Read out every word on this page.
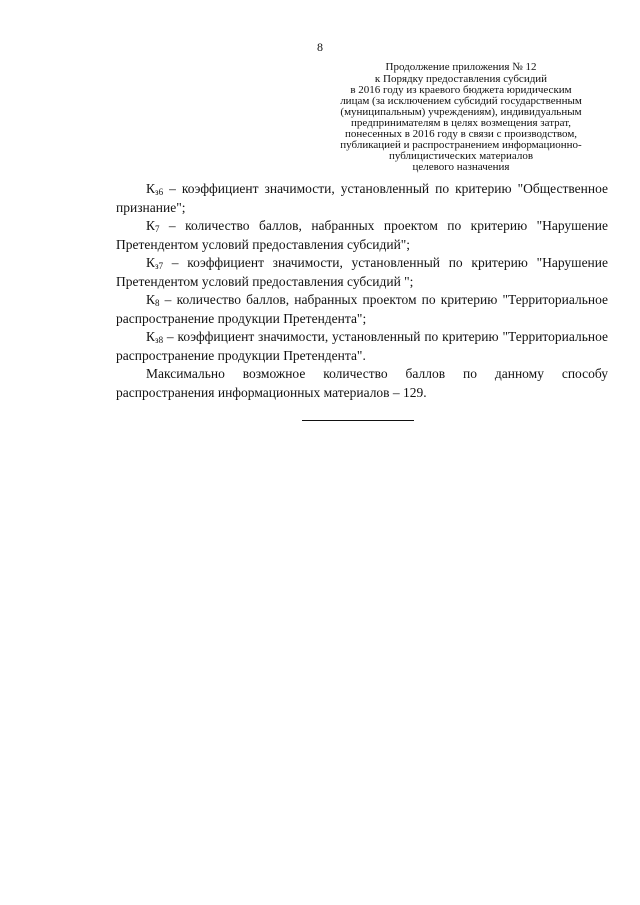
8
Продолжение приложения № 12
к Порядку предоставления субсидий
в 2016 году из краевого бюджета юридическим
лицам (за исключением субсидий государственным
(муниципальным) учреждениям), индивидуальным
предпринимателям в целях возмещения затрат,
понесенных в 2016 году в связи с производством,
публикацией и распространением информационно-
публицистических материалов
целевого назначения

$К_{з6}$ – коэффициент значимости, установленный по критерию "Общественное признание";

$К_7$ – количество баллов, набранных проектом по критерию "Нарушение Претендентом условий предоставления субсидий";

$К_{з7}$ – коэффициент значимости, установленный по критерию "Нарушение Претендентом условий предоставления субсидий ";

$К_8$ – количество баллов, набранных проектом по критерию "Территориальное распространение продукции Претендента";

$К_{з8}$ – коэффициент значимости, установленный по критерию "Территориальное распространение продукции Претендента".

Максимально возможное количество баллов по данному способу распространения информационных материалов – 129.
